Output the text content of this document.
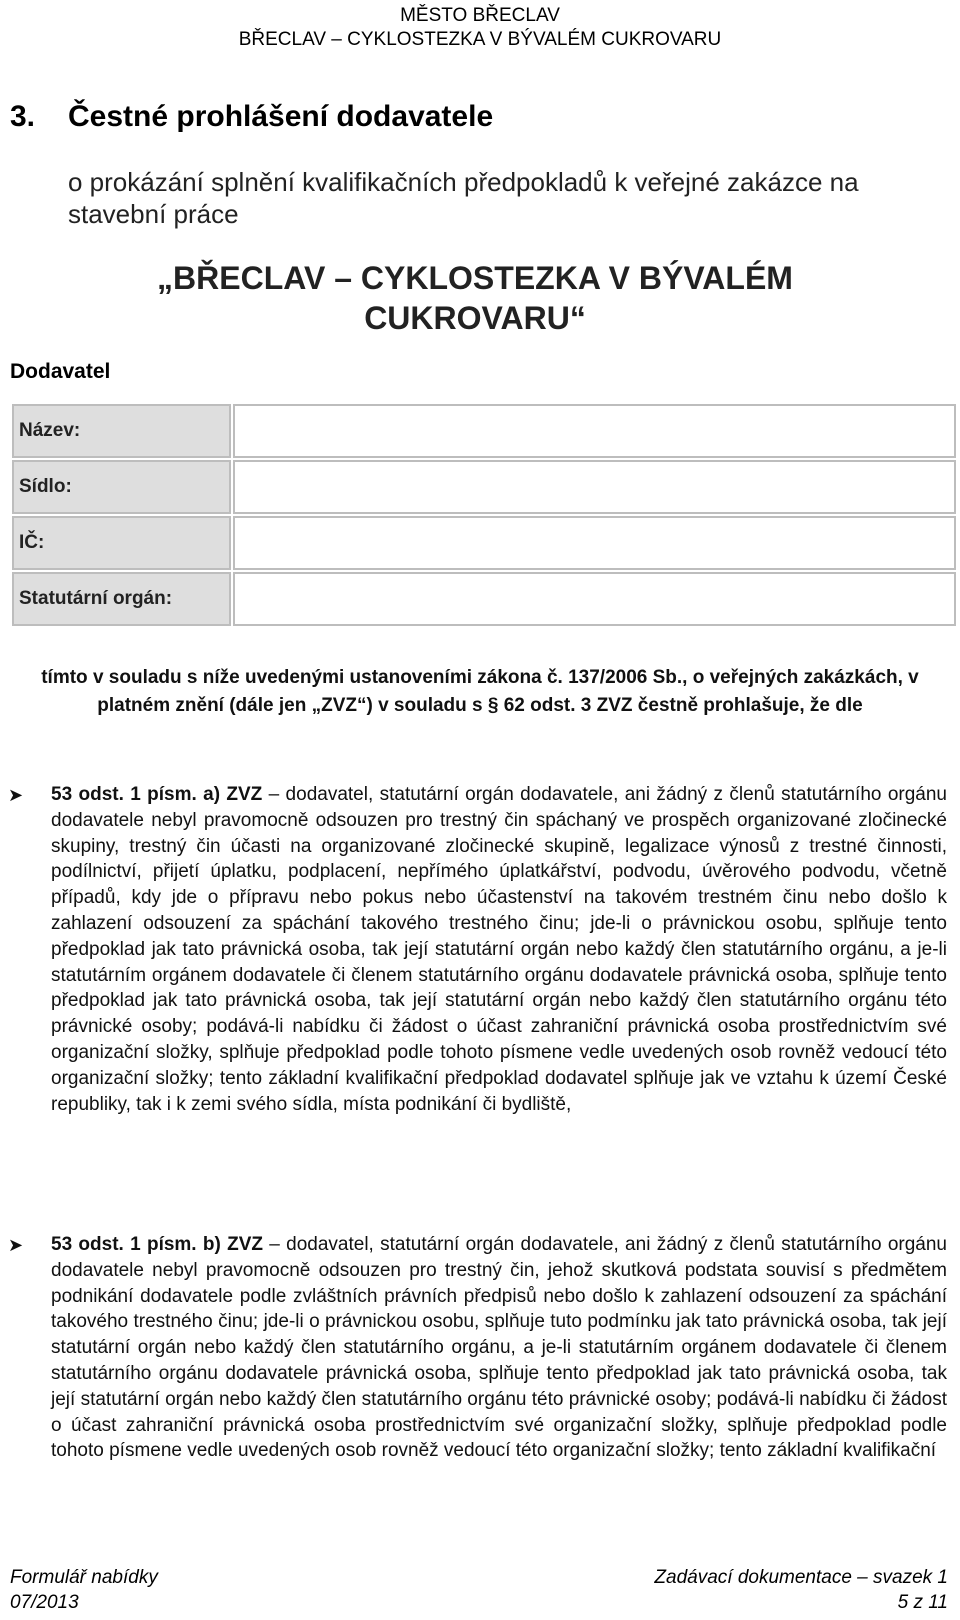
MĚSTO BŘECLAV
BŘECLAV – CYKLOSTEZKA V BÝVALÉM CUKROVARU
3.	Čestné prohlášení dodavatele
o prokázání splnění kvalifikačních předpokladů k veřejné zakázce na stavební práce
„BŘECLAV – CYKLOSTEZKA V BÝVALÉM CUKROVARU“
Dodavatel
Název:	
Sídlo:	
IČ:	
Statutární orgán:	
tímto v souladu s níže uvedenými ustanoveními zákona č. 137/2006 Sb., o veřejných zakázkách, v platném znění (dále jen „ZVZ“) v souladu s § 62 odst. 3 ZVZ čestně prohlašuje, že dle
➤ 53 odst. 1 písm. a) ZVZ – dodavatel, statutární orgán dodavatele, ani žádný z členů statutárního orgánu dodavatele nebyl pravomocně odsouzen pro trestný čin spáchaný ve prospěch organizované zločinecké skupiny, trestný čin účasti na organizované zločinecké skupině, legalizace výnosů z trestné činnosti, podílnictví, přijetí úplatku, podplacení, nepřímého úplatkářství, podvodu, úvěrového podvodu, včetně případů, kdy jde o přípravu nebo pokus nebo účastenství na takovém trestném činu nebo došlo k zahlazení odsouzení za spáchání takového trestného činu; jde-li o právnickou osobu, splňuje tento předpoklad jak tato právnická osoba, tak její statutární orgán nebo každý člen statutárního orgánu, a je-li statutárním orgánem dodavatele či členem statutárního orgánu dodavatele právnická osoba, splňuje tento předpoklad jak tato právnická osoba, tak její statutární orgán nebo každý člen statutárního orgánu této právnické osoby; podává-li nabídku či žádost o účast zahraniční právnická osoba prostřednictvím své organizační složky, splňuje předpoklad podle tohoto písmene vedle uvedených osob rovněž vedoucí této organizační složky; tento základní kvalifikační předpoklad dodavatel splňuje jak ve vztahu k území České republiky, tak i k zemi svého sídla, místa podnikání či bydliště,
➤ 53 odst. 1 písm. b) ZVZ – dodavatel, statutární orgán dodavatele, ani žádný z členů statutárního orgánu dodavatele nebyl pravomocně odsouzen pro trestný čin, jehož skutková podstata souvisí s předmětem podnikání dodavatele podle zvláštních právních předpisů nebo došlo k zahlazení odsouzení za spáchání takového trestného činu; jde-li o právnickou osobu, splňuje tuto podmínku jak tato právnická osoba, tak její statutární orgán nebo každý člen statutárního orgánu, a je-li statutárním orgánem dodavatele či členem statutárního orgánu dodavatele právnická osoba, splňuje tento předpoklad jak tato právnická osoba, tak její statutární orgán nebo každý člen statutárního orgánu této právnické osoby; podává-li nabídku či žádost o účast zahraniční právnická osoba prostřednictvím své organizační složky, splňuje předpoklad podle tohoto písmene vedle uvedených osob rovněž vedoucí této organizační složky; tento základní kvalifikační
Formulář nabídky
07/2013
Zadávací dokumentace – svazek 1
5 z 11
